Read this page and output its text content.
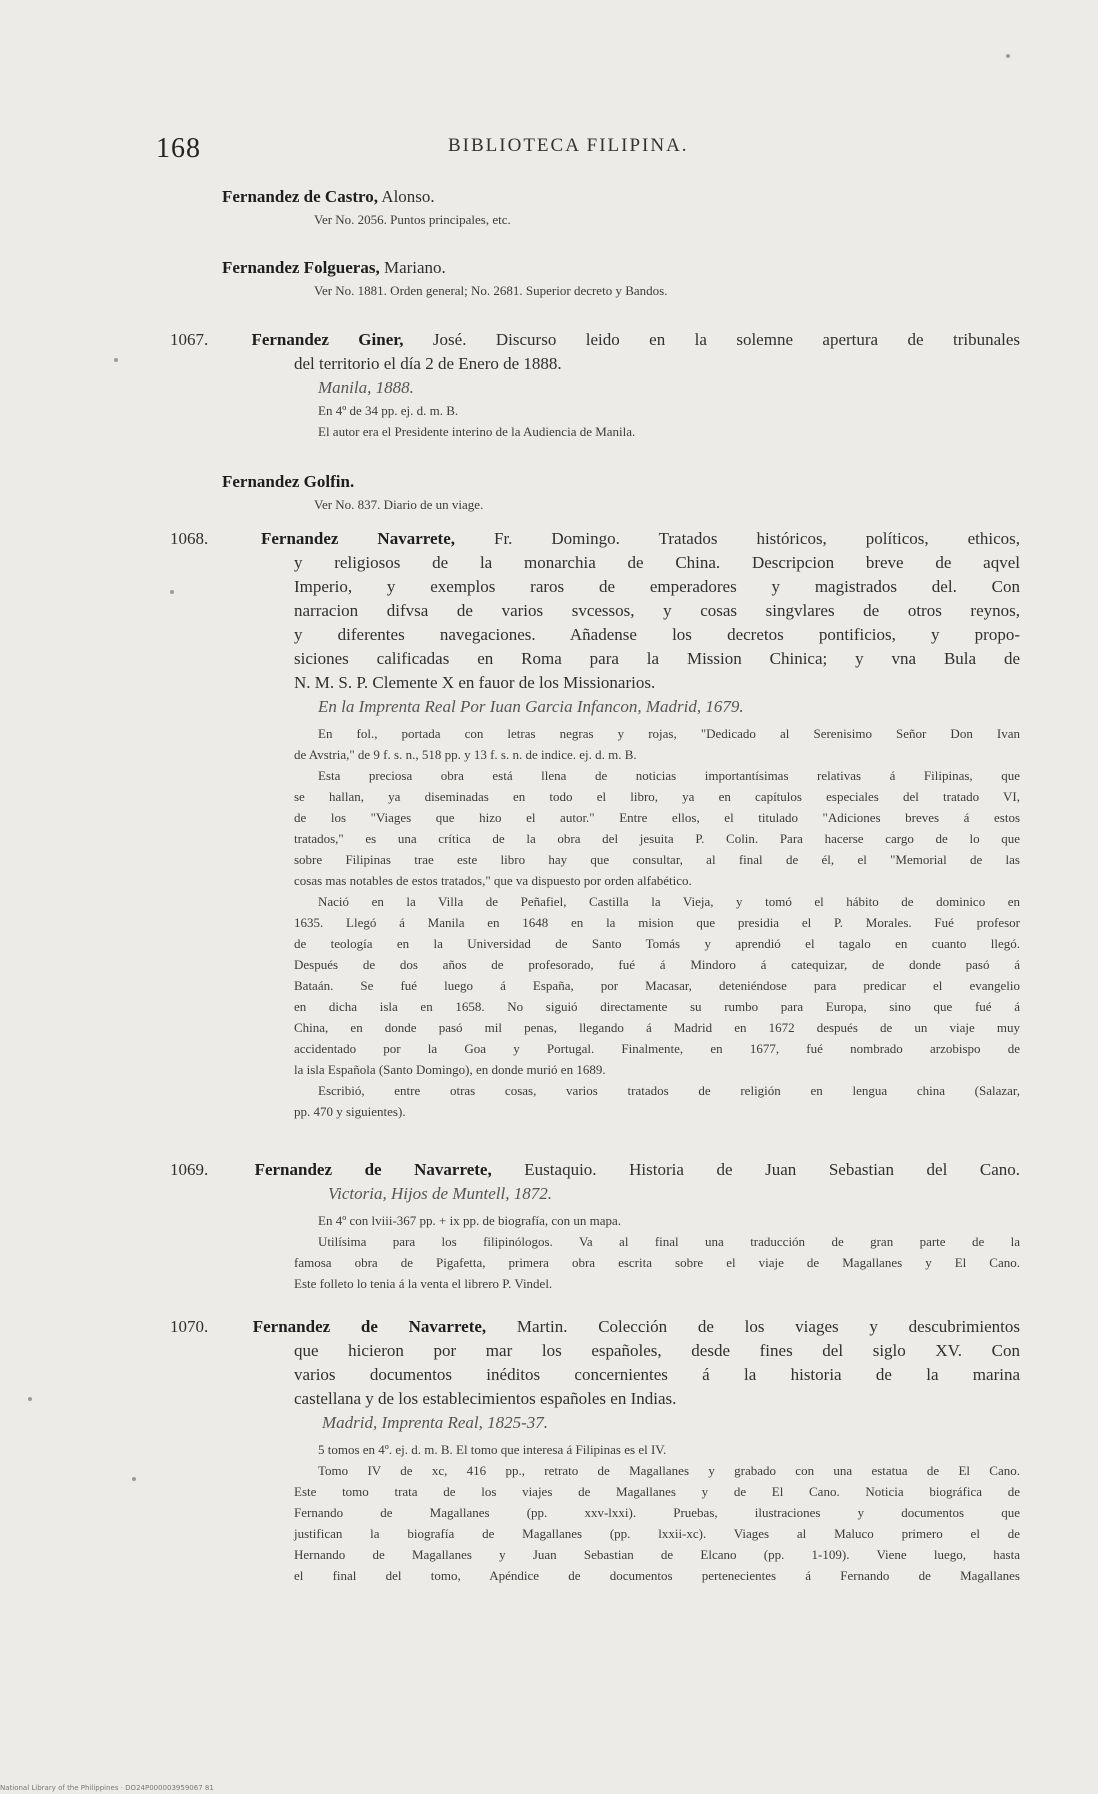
168	BIBLIOTECA FILIPINA.
Fernandez de Castro, Alonso.
Ver No. 2056. Puntos principales, etc.
Fernandez Folgueras, Mariano.
Ver No. 1881. Orden general; No. 2681. Superior decreto y Bandos.
1067.	Fernandez Giner, José. Discurso leido en la solemne apertura de tribunales
del territorio el día 2 de Enero de 1888.
Manila, 1888.
En 4º de 34 pp. ej. d. m. B.
El autor era el Presidente interino de la Audiencia de Manila.
Fernandez Golfin.
Ver No. 837. Diario de un viage.
1068.	Fernandez Navarrete, Fr. Domingo. Tratados históricos, políticos, ethicos,
y religiosos de la monarchia de China. Descripcion breve de aqvel
Imperio, y exemplos raros de emperadores y magistrados del. Con
narracion difvsa de varios svcessos, y cosas singvlares de otros reynos,
y diferentes navegaciones. Añadense los decretos pontificios, y propo-
siciones calificadas en Roma para la Mission Chinica; y vna Bula de
N. M. S. P. Clemente X en fauor de los Missionarios.
En la Imprenta Real Por Iuan Garcia Infancon, Madrid, 1679.
En fol., portada con letras negras y rojas, "Dedicado al Serenisimo Señor Don Ivan
de Avstria," de 9 f. s. n., 518 pp. y 13 f. s. n. de indice. ej. d. m. B.
Esta preciosa obra está llena de noticias importantísimas relativas á Filipinas, que
se hallan, ya diseminadas en todo el libro, ya en capítulos especiales del tratado VI,
de los "Viages que hizo el autor." Entre ellos, el titulado "Adiciones breves á estos
tratados," es una crítica de la obra del jesuita P. Colin. Para hacerse cargo de lo que
sobre Filipinas trae este libro hay que consultar, al final de él, el "Memorial de las
cosas mas notables de estos tratados," que va dispuesto por orden alfabético.
Nació en la Villa de Peñafiel, Castilla la Vieja, y tomó el hábito de dominico en
1635. Llegó á Manila en 1648 en la mision que presidia el P. Morales. Fué profesor
de teología en la Universidad de Santo Tomás y aprendió el tagalo en cuanto llegó.
Después de dos años de profesorado, fué á Mindoro á catequizar, de donde pasó á
Bataán. Se fué luego á España, por Macasar, deteniéndose para predicar el evangelio
en dicha isla en 1658. No siguió directamente su rumbo para Europa, sino que fué á
China, en donde pasó mil penas, llegando á Madrid en 1672 después de un viaje muy
accidentado por la Goa y Portugal. Finalmente, en 1677, fué nombrado arzobispo de
la isla Española (Santo Domingo), en donde murió en 1689.
Escribió, entre otras cosas, varios tratados de religión en lengua china (Salazar,
pp. 470 y siguientes).
1069.	Fernandez de Navarrete, Eustaquio. Historia de Juan Sebastian del Cano.
Victoria, Hijos de Muntell, 1872.
En 4º con lviii-367 pp. + ix pp. de biografía, con un mapa.
Utilísima para los filipinólogos. Va al final una traducción de gran parte de la
famosa obra de Pigafetta, primera obra escrita sobre el viaje de Magallanes y El Cano.
Este folleto lo tenia á la venta el librero P. Vindel.
1070.	Fernandez de Navarrete, Martin. Colección de los viages y descubrimientos
que hicieron por mar los españoles, desde fines del siglo XV. Con
varios documentos inéditos concernientes á la historia de la marina
castellana y de los establecimientos españoles en Indias.
Madrid, Imprenta Real, 1825-37.
5 tomos en 4º. ej. d. m. B. El tomo que interesa á Filipinas es el IV.
Tomo IV de xc, 416 pp., retrato de Magallanes y grabado con una estatua de El Cano.
Este tomo trata de los viajes de Magallanes y de El Cano. Noticia biográfica de
Fernando de Magallanes (pp. xxv-lxxi). Pruebas, ilustraciones y documentos que
justifican la biografía de Magallanes (pp. lxxii-xc). Viages al Maluco primero el de
Hernando de Magallanes y Juan Sebastian de Elcano (pp. 1-109). Viene luego, hasta
el final del tomo, Apéndice de documentos pertenecientes á Fernando de Magallanes
National Library of the Philippines · DO24P000003959067 81
